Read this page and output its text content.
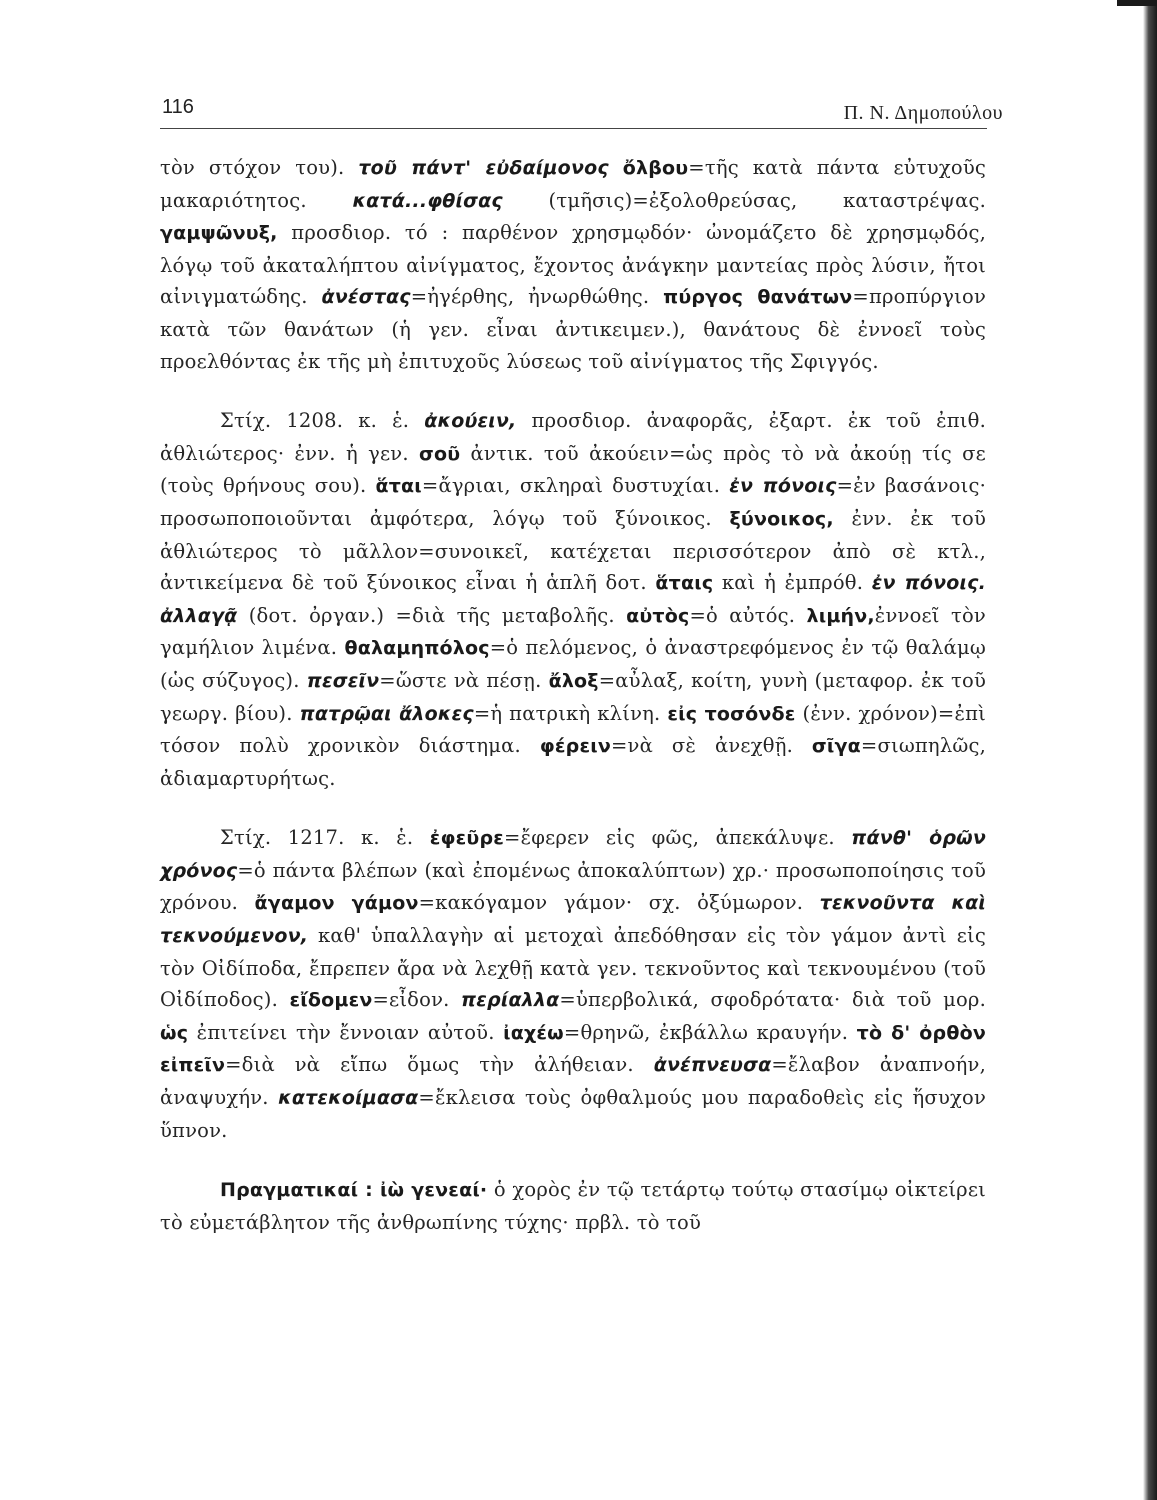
116	Π. Ν. Δημοπούλου

τὸν στόχον του). τοῦ πάντ' εὐδαίμονος ὄλβου=τῆς κατὰ πάντα εὐτυχοῦς μακαριότητος. κατά...φθίσας (τμῆσις)=ἐξολοθρεύσας, καταστρέψας. γαμψῶνυξ, προσδιορ. τό : παρθένον χρησμῳδόν· ὠνομάζετο δὲ χρησμῳδός, λόγῳ τοῦ ἀκαταλήπτου αἰνίγματος, ἔχοντος ἀνάγκην μαντείας πρὸς λύσιν, ἤτοι αἰνιγματώδης. ἀνέστας=ἠγέρθης, ἠνωρθώθης. πύργος θανάτων=προπύργιον κατὰ τῶν θανάτων (ἡ γεν. εἶναι ἀντικειμεν.), θανάτους δὲ ἐννοεῖ τοὺς προελθόντας ἐκ τῆς μὴ ἐπιτυχοῦς λύσεως τοῦ αἰνίγματος τῆς Σφιγγός.

Στίχ. 1208. κ. ἑ. ἀκούειν, προσδιορ. ἀναφορᾶς, ἐξαρτ. ἐκ τοῦ ἐπιθ. ἀθλιώτερος· ἐνν. ἡ γεν. σοῦ ἀντικ. τοῦ ἀκούειν=ὡς πρὸς τὸ νὰ ἀκούῃ τίς σε (τοὺς θρήνους σου). ἅται=ἄγριαι, σκληραὶ δυστυχίαι. ἐν πόνοις=ἐν βασάνοις· προσωποποιοῦνται ἀμφότερα, λόγῳ τοῦ ξύνοικος. ξύνοικος, ἐνν. ἐκ τοῦ ἀθλιώτερος τὸ μᾶλλον=συνοικεῖ, κατέχεται περισσότερον ἀπὸ σὲ κτλ., ἀντικείμενα δὲ τοῦ ξύνοικος εἶναι ἡ ἁπλῆ δοτ. ἅταις καὶ ἡ ἐμπρόθ. ἐν πόνοις. ἀλλαγᾷ (δοτ. ὀργαν.) =διὰ τῆς μεταβολῆς. αὐτὸς=ὁ αὐτός. λιμήν,ἐννοεῖ τὸν γαμήλιον λιμένα. θαλαμηπόλος=ὁ πελόμενος, ὁ ἀναστρεφόμενος ἐν τῷ θαλάμῳ (ὡς σύζυγος). πεσεῖν=ὥστε νὰ πέσῃ. ἄλοξ=αὖλαξ, κοίτη, γυνὴ (μεταφορ. ἐκ τοῦ γεωργ. βίου). πατρῷαι ἄλοκες=ἡ πατρικὴ κλίνη. εἰς τοσόνδε (ἐνν. χρόνον)=ἐπὶ τόσον πολὺ χρονικὸν διάστημα. φέρειν=νὰ σὲ ἀνεχθῇ. σῖγα=σιωπηλῶς, ἀδιαμαρτυρήτως.

Στίχ. 1217. κ. ἑ. ἐφεῦρε=ἔφερεν εἰς φῶς, ἀπεκάλυψε. πάνθ' ὁρῶν χρόνος=ὁ πάντα βλέπων (καὶ ἐπομένως ἀποκαλύπτων) χρ.· προσωποποίησις τοῦ χρόνου. ἄγαμον γάμον=κακόγαμον γάμον· σχ. ὀξύμωρον. τεκνοῦντα καὶ τεκνούμενον, καθ' ὑπαλλαγὴν αἱ μετοχαὶ ἀπεδόθησαν εἰς τὸν γάμον ἀντὶ εἰς τὸν Οἰδίποδα, ἔπρεπεν ἄρα νὰ λεχθῇ κατὰ γεν. τεκνοῦντος καὶ τεκνουμένου (τοῦ Οἰδίποδος). εἴδομεν=εἶδον. περίαλλα=ὑπερβολικά, σφοδρότατα· διὰ τοῦ μορ. ὡς ἐπιτείνει τὴν ἔννοιαν αὐτοῦ. ἰαχέω=θρηνῶ, ἐκβάλλω κραυγήν. τὸ δ' ὀρθὸν εἰπεῖν=διὰ νὰ εἴπω ὅμως τὴν ἀλήθειαν. ἀνέπνευσα=ἔλαβον ἀναπνοήν, ἀναψυχήν. κατεκοίμασα=ἔκλεισα τοὺς ὀφθαλμούς μου παραδοθεὶς εἰς ἥσυχον ὕπνον.

Πραγματικαί : ἰὼ γενεαί· ὁ χορὸς ἐν τῷ τετάρτῳ τούτῳ στασίμῳ οἰκτείρει τὸ εὐμετάβλητον τῆς ἀνθρωπίνης τύχης· πρβλ. τὸ τοῦ
